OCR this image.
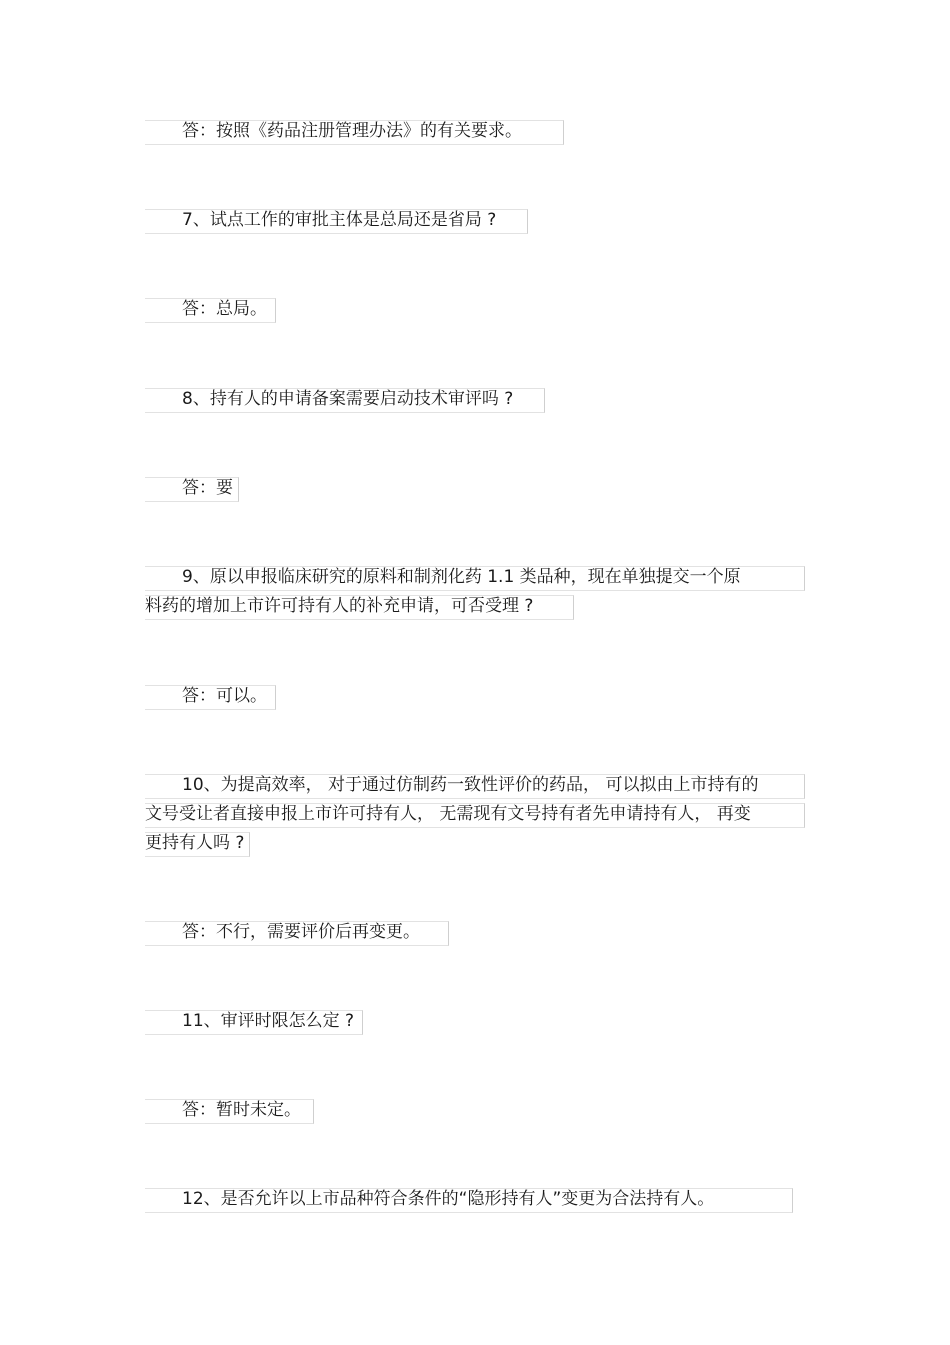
答：按照《药品注册管理办法》的有关要求。
7、试点工作的审批主体是总局还是省局 ?
答：总局。
8、持有人的申请备案需要启动技术审评吗 ?
答：要
9、原以申报临床研究的原料和制剂化药 1.1 类品种，现在单独提交一个原
料药的增加上市许可持有人的补充申请，可否受理 ?
答：可以。
10、为提高效率， 对于通过仿制药一致性评价的药品， 可以拟由上市持有的
文号受让者直接申报上市许可持有人， 无需现有文号持有者先申请持有人， 再变
更持有人吗 ?
答：不行，需要评价后再变更。
11、审评时限怎么定 ?
答：暂时未定。
12、是否允许以上市品种符合条件的“隐形持有人”变更为合法持有人。
